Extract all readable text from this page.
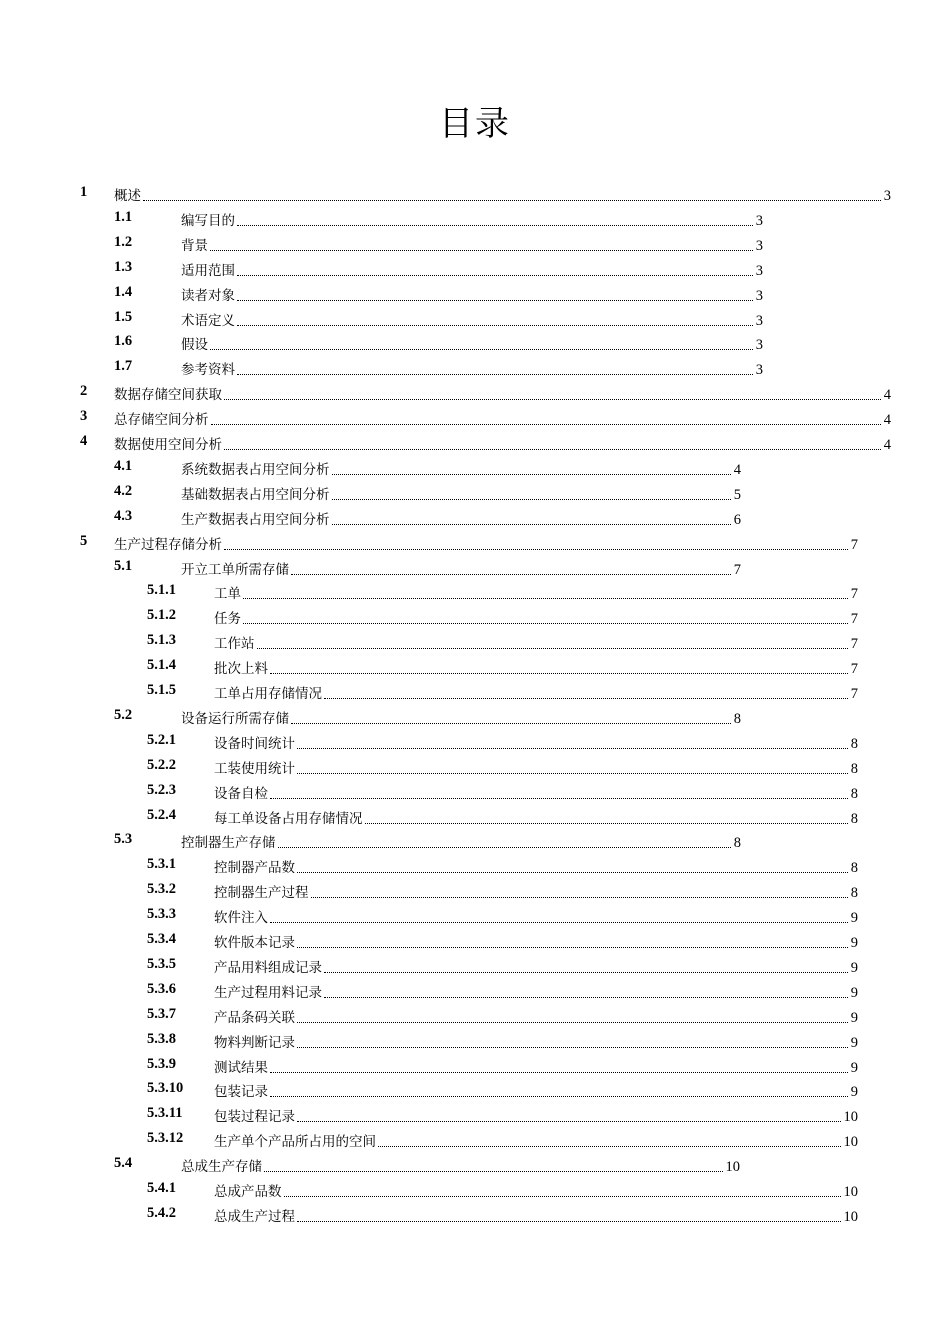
目录
1 概述	3
1.1	编写目的	3
1.2	背景	3
1.3	适用范围	3
1.4	读者对象	3
1.5	术语定义	3
1.6	假设	3
1.7	参考资料	3
2 数据存储空间获取	4
3 总存储空间分析	4
4 数据使用空间分析	4
4.1	系统数据表占用空间分析	4
4.2	基础数据表占用空间分析	5
4.3	生产数据表占用空间分析	6
5 生产过程存储分析	7
5.1	开立工单所需存储	7
5.1.1	工单	7
5.1.2	任务	7
5.1.3	工作站	7
5.1.4	批次上料	7
5.1.5	工单占用存储情况	7
5.2	设备运行所需存储	8
5.2.1	设备时间统计	8
5.2.2	工装使用统计	8
5.2.3	设备自检	8
5.2.4	每工单设备占用存储情况	8
5.3	控制器生产存储	8
5.3.1	控制器产品数	8
5.3.2	控制器生产过程	8
5.3.3	软件注入	9
5.3.4	软件版本记录	9
5.3.5	产品用料组成记录	9
5.3.6	生产过程用料记录	9
5.3.7	产品条码关联	9
5.3.8	物料判断记录	9
5.3.9	测试结果	9
5.3.10 包装记录	9
5.3.11 包装过程记录	10
5.3.12 生产单个产品所占用的空间	10
5.4	总成生产存储	10
5.4.1	总成产品数	10
5.4.2	总成生产过程	10
